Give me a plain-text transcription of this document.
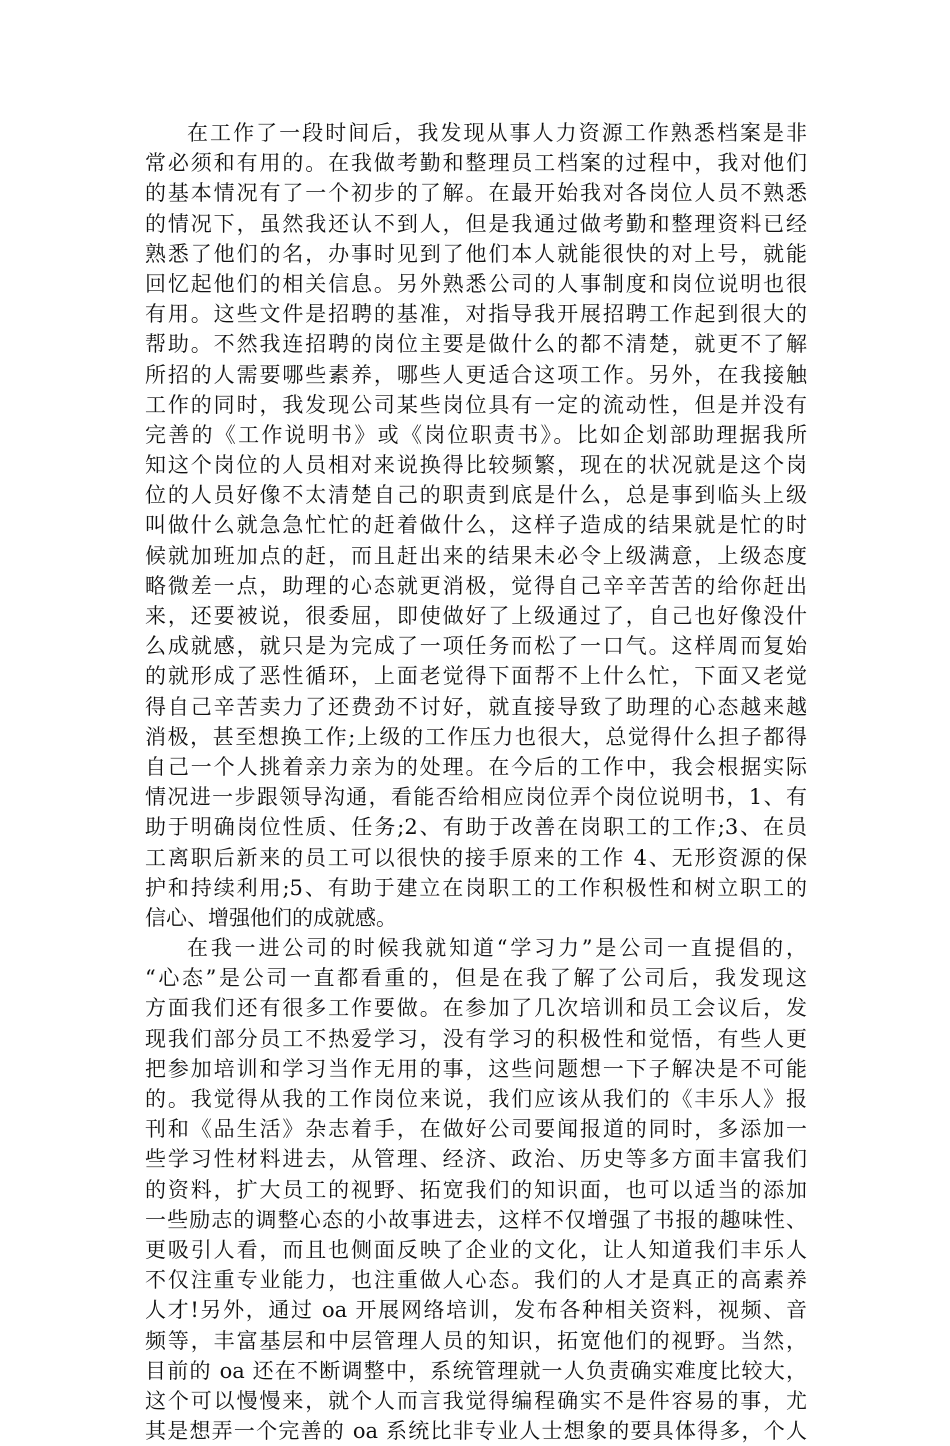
在工作了一段时间后，我发现从事人力资源工作熟悉档案是非
常必须和有用的。在我做考勤和整理员工档案的过程中，我对他们
的基本情况有了一个初步的了解。在最开始我对各岗位人员不熟悉
的情况下，虽然我还认不到人，但是我通过做考勤和整理资料已经
熟悉了他们的名，办事时见到了他们本人就能很快的对上号，就能
回忆起他们的相关信息。另外熟悉公司的人事制度和岗位说明也很
有用。这些文件是招聘的基准，对指导我开展招聘工作起到很大的
帮助。不然我连招聘的岗位主要是做什么的都不清楚，就更不了解
所招的人需要哪些素养，哪些人更适合这项工作。另外，在我接触
工作的同时，我发现公司某些岗位具有一定的流动性，但是并没有
完善的《工作说明书》或《岗位职责书》。比如企划部助理据我所
知这个岗位的人员相对来说换得比较频繁，现在的状况就是这个岗
位的人员好像不太清楚自己的职责到底是什么，总是事到临头上级
叫做什么就急急忙忙的赶着做什么，这样子造成的结果就是忙的时
候就加班加点的赶，而且赶出来的结果未必令上级满意，上级态度
略微差一点，助理的心态就更消极，觉得自己辛辛苦苦的给你赶出
来，还要被说，很委屈，即使做好了上级通过了，自己也好像没什
么成就感，就只是为完成了一项任务而松了一口气。这样周而复始
的就形成了恶性循环，上面老觉得下面帮不上什么忙，下面又老觉
得自己辛苦卖力了还费劲不讨好，就直接导致了助理的心态越来越
消极，甚至想换工作;上级的工作压力也很大，总觉得什么担子都得
自己一个人挑着亲力亲为的处理。在今后的工作中，我会根据实际
情况进一步跟领导沟通，看能否给相应岗位弄个岗位说明书，1、有
助于明确岗位性质、任务;2、有助于改善在岗职工的工作;3、在员
工离职后新来的员工可以很快的接手原来的工作 4、无形资源的保
护和持续利用;5、有助于建立在岗职工的工作积极性和树立职工的
信心、增强他们的成就感。
在我一进公司的时候我就知道“学习力”是公司一直提倡的，
“心态”是公司一直都看重的，但是在我了解了公司后，我发现这
方面我们还有很多工作要做。在参加了几次培训和员工会议后，发
现我们部分员工不热爱学习，没有学习的积极性和觉悟，有些人更
把参加培训和学习当作无用的事，这些问题想一下子解决是不可能
的。我觉得从我的工作岗位来说，我们应该从我们的《丰乐人》报
刊和《品生活》杂志着手，在做好公司要闻报道的同时，多添加一
些学习性材料进去，从管理、经济、政治、历史等多方面丰富我们
的资料，扩大员工的视野、拓宽我们的知识面，也可以适当的添加
一些励志的调整心态的小故事进去，这样不仅增强了书报的趣味性、
更吸引人看，而且也侧面反映了企业的文化，让人知道我们丰乐人
不仅注重专业能力，也注重做人心态。我们的人才是真正的高素养
人才!另外，通过 oa 开展网络培训，发布各种相关资料，视频、音
频等，丰富基层和中层管理人员的知识，拓宽他们的视野。当然，
目前的 oa 还在不断调整中，系统管理就一人负责确实难度比较大，
这个可以慢慢来，就个人而言我觉得编程确实不是件容易的事，尤
其是想弄一个完善的 oa 系统比非专业人士想象的要具体得多，个人
